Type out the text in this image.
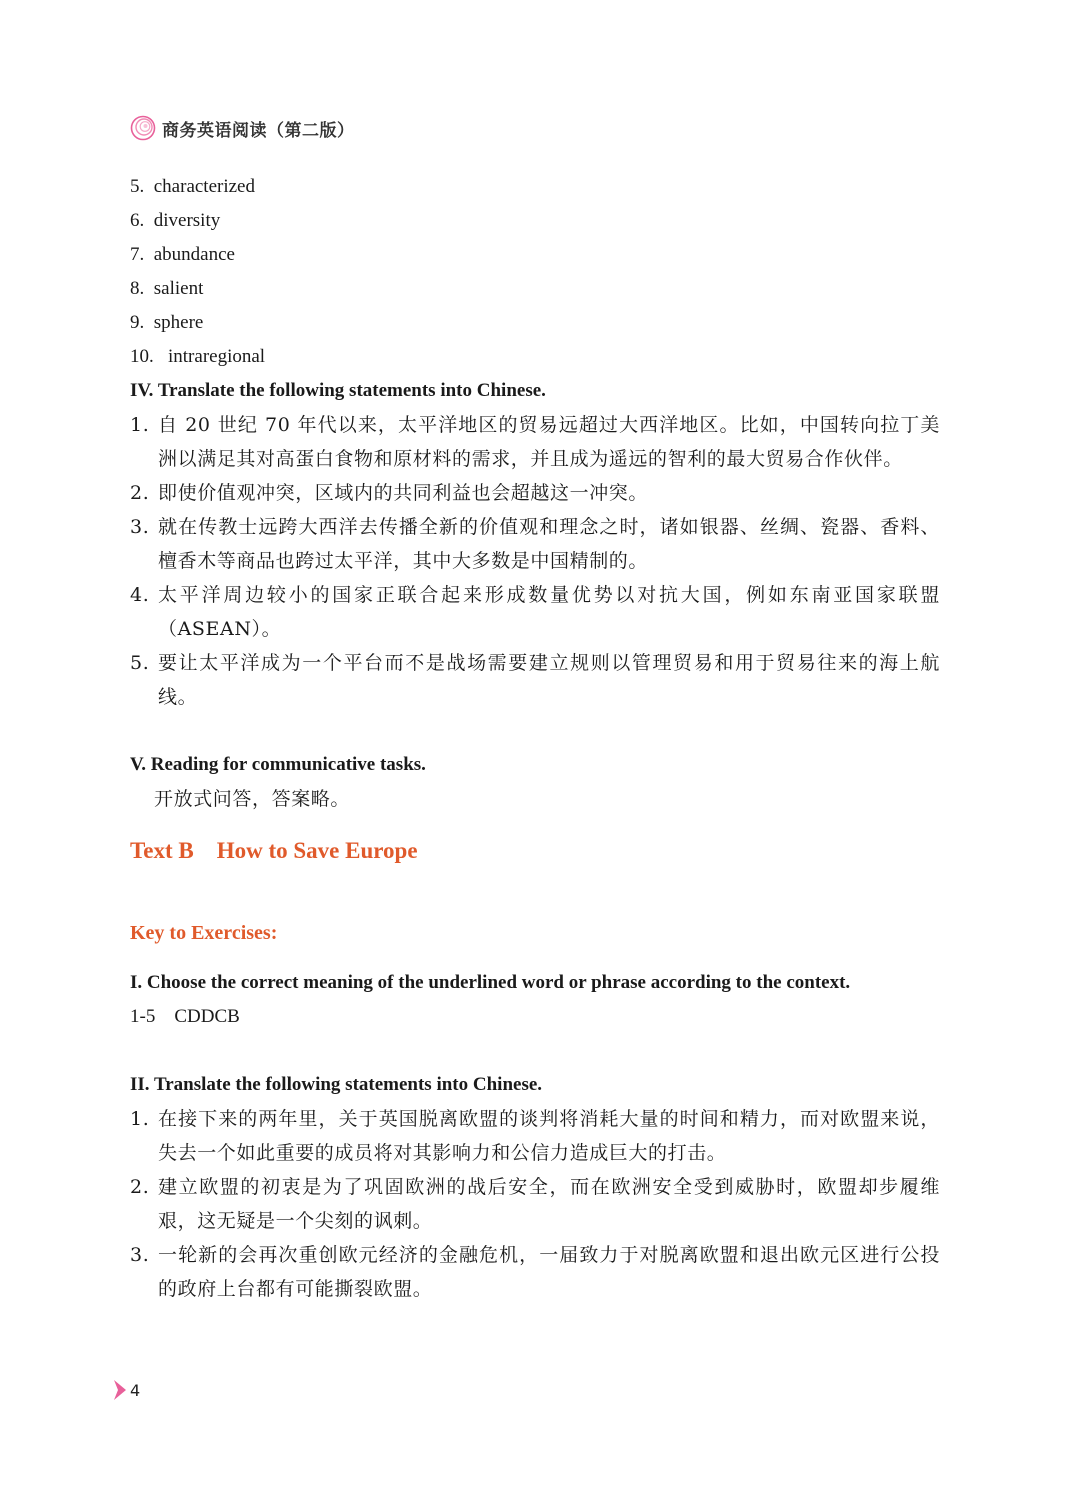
商务英语阅读（第二版）
5. characterized
6. diversity
7. abundance
8. salient
9. sphere
10. intraregional
IV. Translate the following statements into Chinese.
1. 自 20 世纪 70 年代以来，太平洋地区的贸易远超过大西洋地区。比如，中国转向拉丁美洲以满足其对高蛋白食物和原材料的需求，并且成为遥远的智利的最大贸易合作伙伴。
2. 即使价值观冲突，区域内的共同利益也会超越这一冲突。
3. 就在传教士远跨大西洋去传播全新的价值观和理念之时，诸如银器、丝绸、瓷器、香料、檀香木等商品也跨过太平洋，其中大多数是中国精制的。
4. 太平洋周边较小的国家正联合起来形成数量优势以对抗大国，例如东南亚国家联盟（ASEAN）。
5. 要让太平洋成为一个平台而不是战场需要建立规则以管理贸易和用于贸易往来的海上航线。
V. Reading for communicative tasks.
开放式问答，答案略。
Text B How to Save Europe
Key to Exercises:
I. Choose the correct meaning of the underlined word or phrase according to the context.
1-5 CDDCB
II. Translate the following statements into Chinese.
1. 在接下来的两年里，关于英国脱离欧盟的谈判将消耗大量的时间和精力，而对欧盟来说，失去一个如此重要的成员将对其影响力和公信力造成巨大的打击。
2. 建立欧盟的初衷是为了巩固欧洲的战后安全，而在欧洲安全受到威胁时，欧盟却步履维艰，这无疑是一个尖刻的讽刺。
3. 一轮新的会再次重创欧元经济的金融危机，一届致力于对脱离欧盟和退出欧元区进行公投的政府上台都有可能撕裂欧盟。
4
